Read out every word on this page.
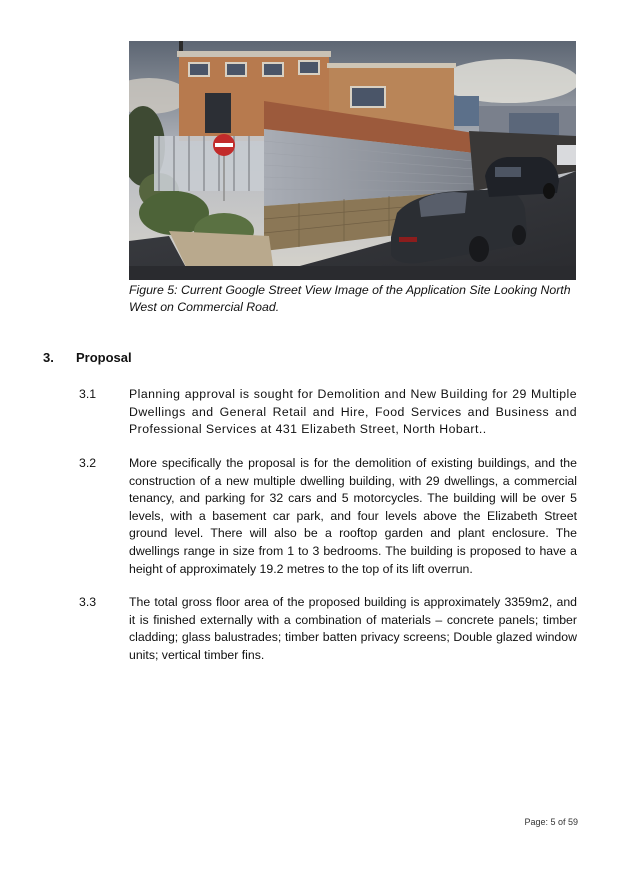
Figure 5: Current Google Street View Image of the Application Site Looking North West on Commercial Road.
3. Proposal
3.1	Planning approval is sought for Demolition and New Building for 29 Multiple Dwellings and General Retail and Hire, Food Services and Business and Professional Services at 431 Elizabeth Street, North Hobart..
3.2	More specifically the proposal is for the demolition of existing buildings, and the construction of a new multiple dwelling building, with 29 dwellings, a commercial tenancy, and parking for 32 cars and 5 motorcycles. The building will be over 5 levels, with a basement car park, and four levels above the Elizabeth Street ground level. There will also be a rooftop garden and plant enclosure. The dwellings range in size from 1 to 3 bedrooms. The building is proposed to have a height of approximately 19.2 metres to the top of its lift overrun.
3.3	The total gross floor area of the proposed building is approximately 3359m2, and it is finished externally with a combination of materials – concrete panels; timber cladding; glass balustrades; timber batten privacy screens; Double glazed window units; vertical timber fins.
Page: 5 of 59
